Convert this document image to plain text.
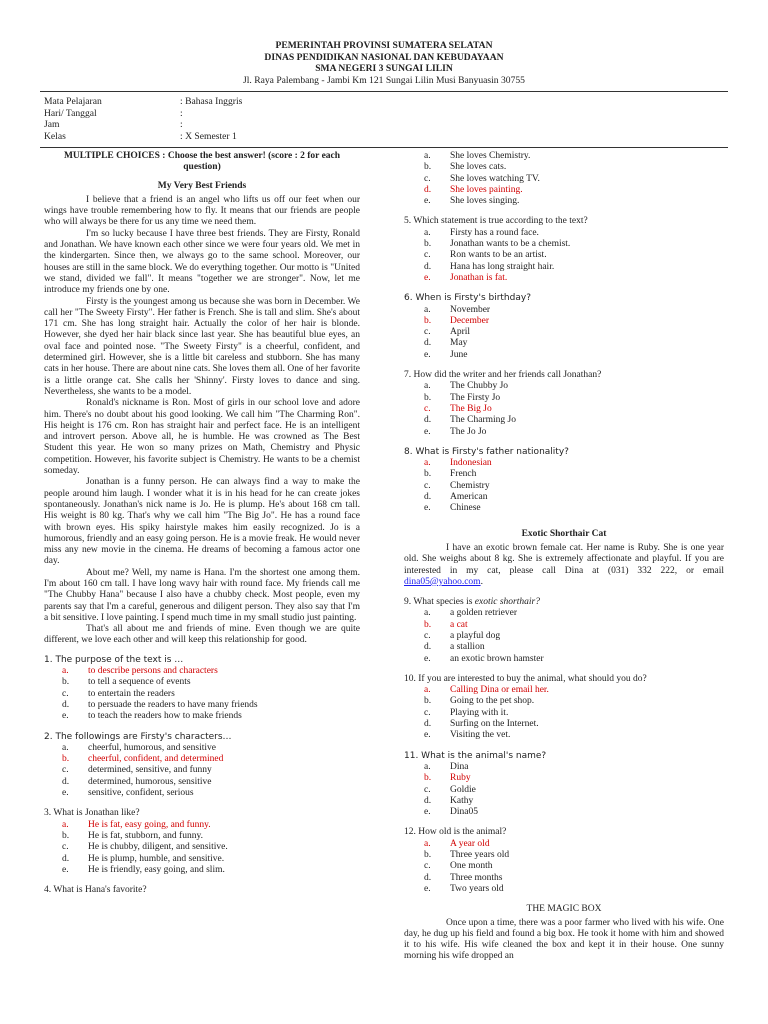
PEMERINTAH PROVINSI SUMATERA SELATAN
DINAS PENDIDIKAN NASIONAL DAN KEBUDAYAAN
SMA NEGERI 3 SUNGAI LILIN
Jl. Raya Palembang - Jambi Km 121 Sungai Lilin Musi Banyuasin 30755
Mata Pelajaran	: Bahasa Inggris
Hari/ Tanggal	:
Jam	:
Kelas	: X Semester 1
MULTIPLE CHOICES : Choose the best answer! (score : 2 for each question)
My Very Best Friends

I believe that a friend is an angel who lifts us off our feet when our wings have trouble remembering how to fly. It means that our friends are people who will always be there for us any time we need them.

I'm so lucky because I have three best friends. They are Firsty, Ronald and Jonathan. We have known each other since we were four years old. We met in the kindergarten. Since then, we always go to the same school. Moreover, our houses are still in the same block. We do everything together. Our motto is "United we stand, divided we fall". It means "together we are stronger". Now, let me introduce my friends one by one.

Firsty is the youngest among us because she was born in December. We call her "The Sweety Firsty". Her father is French. She is tall and slim. She's about 171 cm. She has long straight hair. Actually the color of her hair is blonde. However, she dyed her hair black since last year. She has beautiful blue eyes, an oval face and pointed nose. "The Sweety Firsty" is a cheerful, confident, and determined girl. However, she is a little bit careless and stubborn. She has many cats in her house. There are about nine cats. She loves them all. One of her favorite is a little orange cat. She calls her 'Shinny'. Firsty loves to dance and sing. Nevertheless, she wants to be a model.

Ronald's nickname is Ron. Most of girls in our school love and adore him. There's no doubt about his good looking. We call him "The Charming Ron". His height is 176 cm. Ron has straight hair and perfect face. He is an intelligent and introvert person. Above all, he is humble. He was crowned as The Best Student this year. He won so many prizes on Math, Chemistry and Physic competition. However, his favorite subject is Chemistry. He wants to be a chemist someday.

Jonathan is a funny person. He can always find a way to make the people around him laugh. I wonder what it is in his head for he can create jokes spontaneously. Jonathan's nick name is Jo. He is plump. He's about 168 cm tall. His weight is 80 kg. That's why we call him "The Big Jo". He has a round face with brown eyes. His spiky hairstyle makes him easily recognized. Jo is a humorous, friendly and an easy going person. He is a movie freak. He would never miss any new movie in the cinema. He dreams of becoming a famous actor one day.

About me? Well, my name is Hana. I'm the shortest one among them. I'm about 160 cm tall. I have long wavy hair with round face. My friends call me "The Chubby Hana" because I also have a chubby check. Most people, even my parents say that I'm a careful, generous and diligent person. They also say that I'm a bit sensitive. I love painting. I spend much time in my small studio just painting.

That's all about me and friends of mine. Even though we are quite different, we love each other and will keep this relationship for good.

1. The purpose of the text is …
a.	to describe persons and characters
b.	to tell a sequence of events
c.	to entertain the readers
d.	to persuade the readers to have many friends
e.	to teach the readers how to make friends
2. The followings are Firsty's characters…
a.	cheerful, humorous, and sensitive
b.	cheerful, confident, and determined
c.	determined, sensitive, and funny
d.	determined, humorous, sensitive
e.	sensitive, confident, serious
3. What is Jonathan like?
a.	He is fat, easy going, and funny.
b.	He is fat, stubborn, and funny.
c.	He is chubby, diligent, and sensitive.
d.	He is plump, humble, and sensitive.
e.	He is friendly, easy going, and slim.
4. What is Hana's favorite?
a.	She loves Chemistry.
b.	She loves cats.
c.	She loves watching TV.
d.	She loves painting.
e.	She loves singing.
5. Which statement is true according to the text?
a.	Firsty has a round face.
b.	Jonathan wants to be a chemist.
c.	Ron wants to be an artist.
d.	Hana has long straight hair.
e.	Jonathan is fat.
6. When is Firsty's birthday?
a.	November
b.	December
c.	April
d.	May
e.	June
7. How did the writer and her friends call Jonathan?
a.	The Chubby Jo
b.	The Firsty Jo
c.	The Big Jo
d.	The Charming Jo
e.	The Jo Jo
8. What is Firsty's father nationality?
a.	Indonesian
b.	French
c.	Chemistry
d.	American
e.	Chinese
Exotic Shorthair Cat

I have an exotic brown female cat. Her name is Ruby. She is one year old. She weighs about 8 kg. She is extremely affectionate and playful. If you are interested in my cat, please call Dina at (031) 332 222, or email dina05@yahoo.com.

9. What species is exotic shorthair?
a.	a golden retriever
b.	a cat
c.	a playful dog
d.	a stallion
e.	an exotic brown hamster
10. If you are interested to buy the animal, what should you do?
a.	Calling Dina or email her.
b.	Going to the pet shop.
c.	Playing with it.
d.	Surfing on the Internet.
e.	Visiting the vet.
11. What is the animal's name?
a.	Dina
b.	Ruby
c.	Goldie
d.	Kathy
e.	Dina05
12. How old is the animal?
a.	A year old
b.	Three years old
c.	One month
d.	Three months
e.	Two years old
THE MAGIC BOX

Once upon a time, there was a poor farmer who lived with his wife. One day, he dug up his field and found a big box. He took it home with him and showed it to his wife. His wife cleaned the box and kept it in their house. One sunny morning his wife dropped an
